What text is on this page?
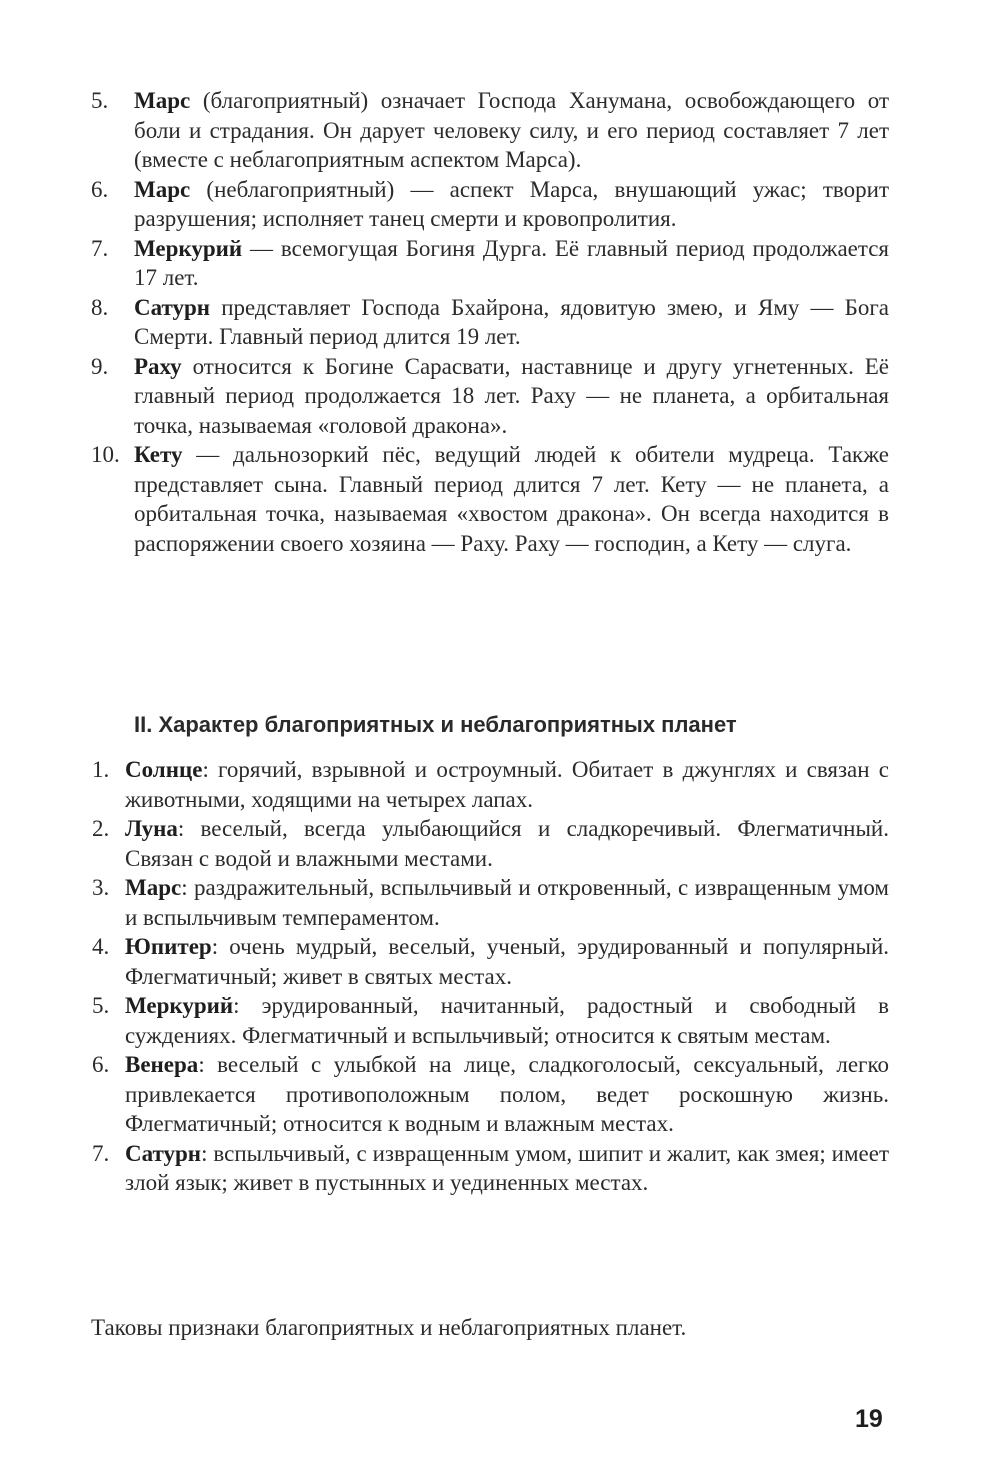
5. Марс (благоприятный) означает Господа Ханумана, освобождающего от боли и страдания. Он дарует человеку силу, и его период составляет 7 лет (вместе с неблагоприятным аспектом Марса).
6. Марс (неблагоприятный) — аспект Марса, внушающий ужас; творит разрушения; исполняет танец смерти и кровопролития.
7. Меркурий — всемогущая Богиня Дурга. Её главный период продолжается 17 лет.
8. Сатурн представляет Господа Бхайрона, ядовитую змею, и Яму — Бога Смерти. Главный период длится 19 лет.
9. Раху относится к Богине Сарасвати, наставнице и другу угнетенных. Её главный период продолжается 18 лет. Раху — не планета, а орбитальная точка, называемая «головой дракона».
10. Кету — дальнозоркий пёс, ведущий людей к обители мудреца. Также представляет сына. Главный период длится 7 лет. Кету — не планета, а орбитальная точка, называемая «хвостом дракона». Он всегда находится в распоряжении своего хозяина — Раху. Раху — господин, а Кету — слуга.
II. Характер благоприятных и неблагоприятных планет
1. Солнце: горячий, взрывной и остроумный. Обитает в джунглях и связан с животными, ходящими на четырех лапах.
2. Луна: веселый, всегда улыбающийся и сладкоречивый. Флегматичный. Связан с водой и влажными местами.
3. Марс: раздражительный, вспыльчивый и откровенный, с извращенным умом и вспыльчивым темпераментом.
4. Юпитер: очень мудрый, веселый, ученый, эрудированный и популярный. Флегматичный; живет в святых местах.
5. Меркурий: эрудированный, начитанный, радостный и свободный в суждениях. Флегматичный и вспыльчивый; относится к святым местам.
6. Венера: веселый с улыбкой на лице, сладкоголосый, сексуальный, легко привлекается противоположным полом, ведет роскошную жизнь. Флегматичный; относится к водным и влажным местах.
7. Сатурн: вспыльчивый, с извращенным умом, шипит и жалит, как змея; имеет злой язык; живет в пустынных и уединенных местах.

Таковы признаки благоприятных и неблагоприятных планет.

19
